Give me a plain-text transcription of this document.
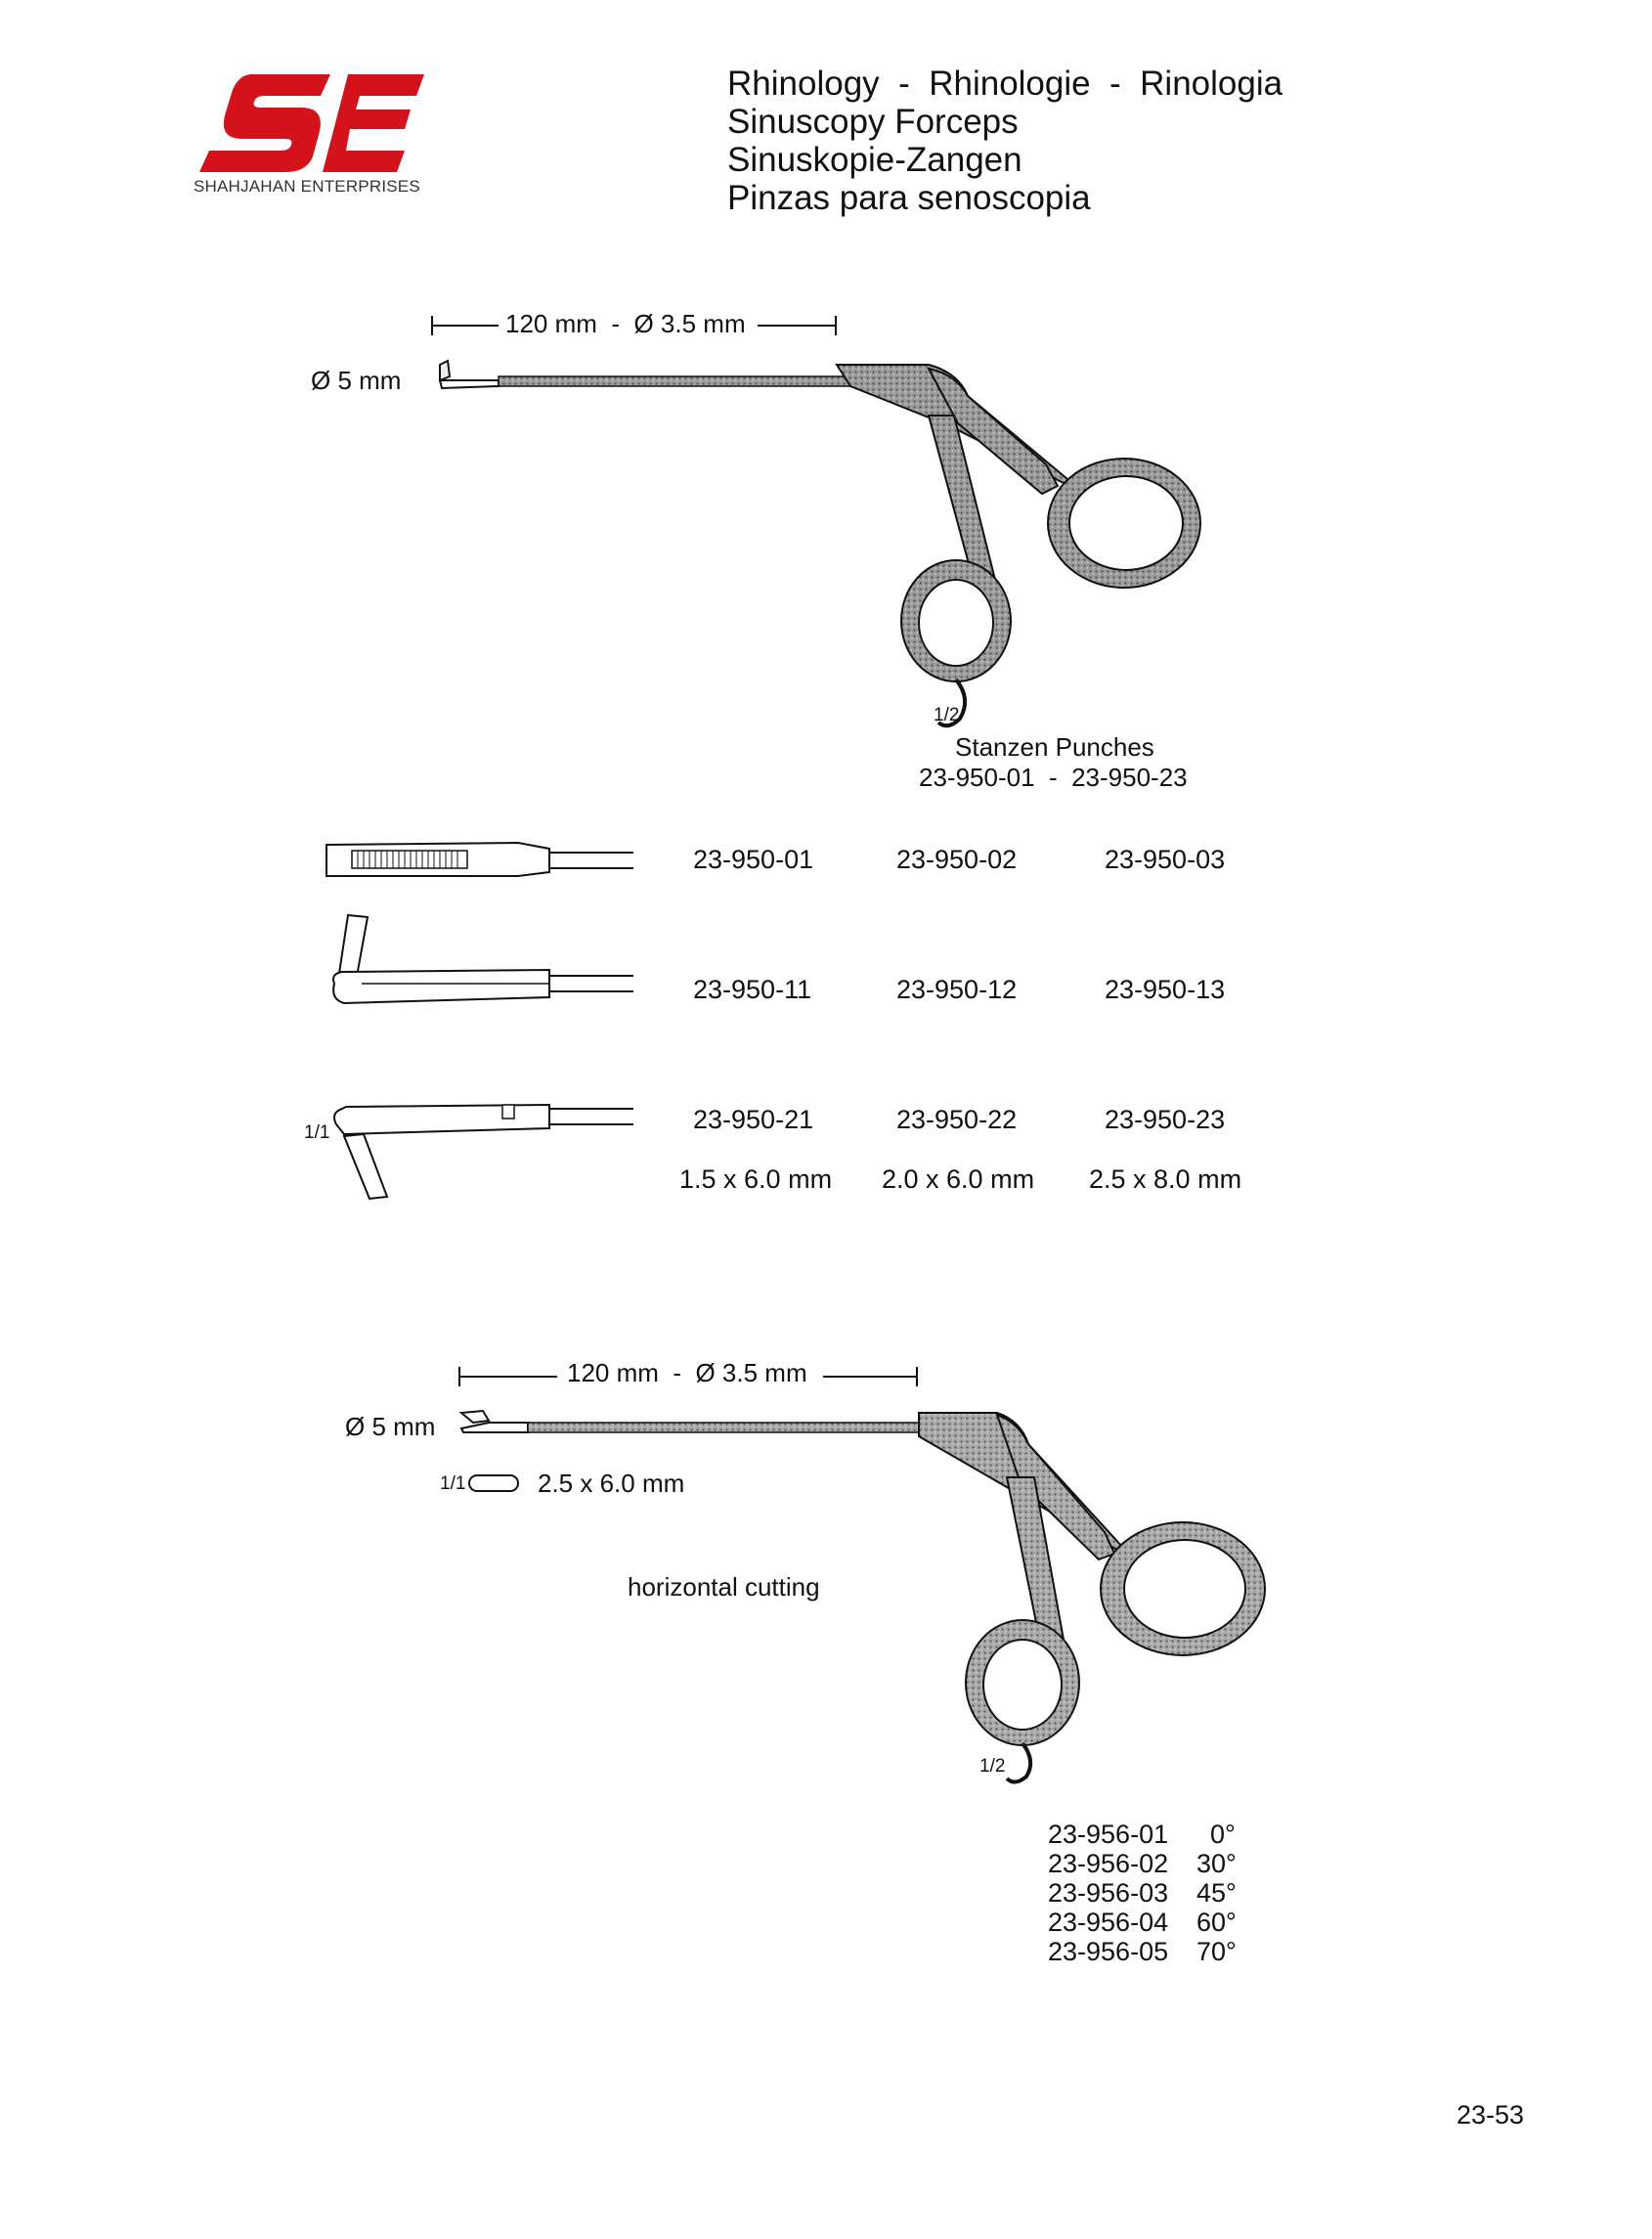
SHAHJAHAN ENTERPRISES
Rhinology  -  Rhinologie  -  Rinologia
Sinuscopy Forceps
Sinuskopie-Zangen
Pinzas para senoscopia
120 mm  -  Ø 3.5 mm
Ø 5 mm
1/2
Stanzen Punches
23-950-01  -  23-950-23
1/1
23-950-01	23-950-02	23-950-03
23-950-11	23-950-12	23-950-13
23-950-21	23-950-22	23-950-23
1.5 x 6.0 mm 2.0 x 6.0 mm 2.5 x 8.0 mm
120 mm  -  Ø 3.5 mm
Ø 5 mm
1/1	2.5 x 6.0 mm
horizontal cutting
1/2
23-956-01 0°
23-956-02 30°
23-956-03 45°
23-956-04 60°
23-956-05 70°
23-53
